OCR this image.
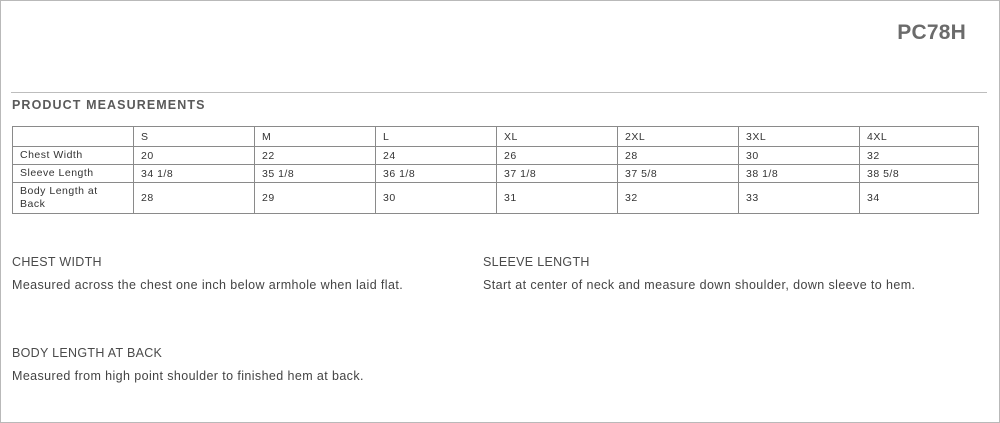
PC78H
PRODUCT MEASUREMENTS
	S	M	L	XL	2XL	3XL	4XL
Chest Width	20	22	24	26	28	30	32
Sleeve Length	34 1/8	35 1/8	36 1/8	37 1/8	37 5/8	38 1/8	38 5/8
Body Length at Back	28	29	30	31	32	33	34
CHEST WIDTH
Measured across the chest one inch below armhole when laid flat.
SLEEVE LENGTH
Start at center of neck and measure down shoulder, down sleeve to hem.
BODY LENGTH AT BACK
Measured from high point shoulder to finished hem at back.
